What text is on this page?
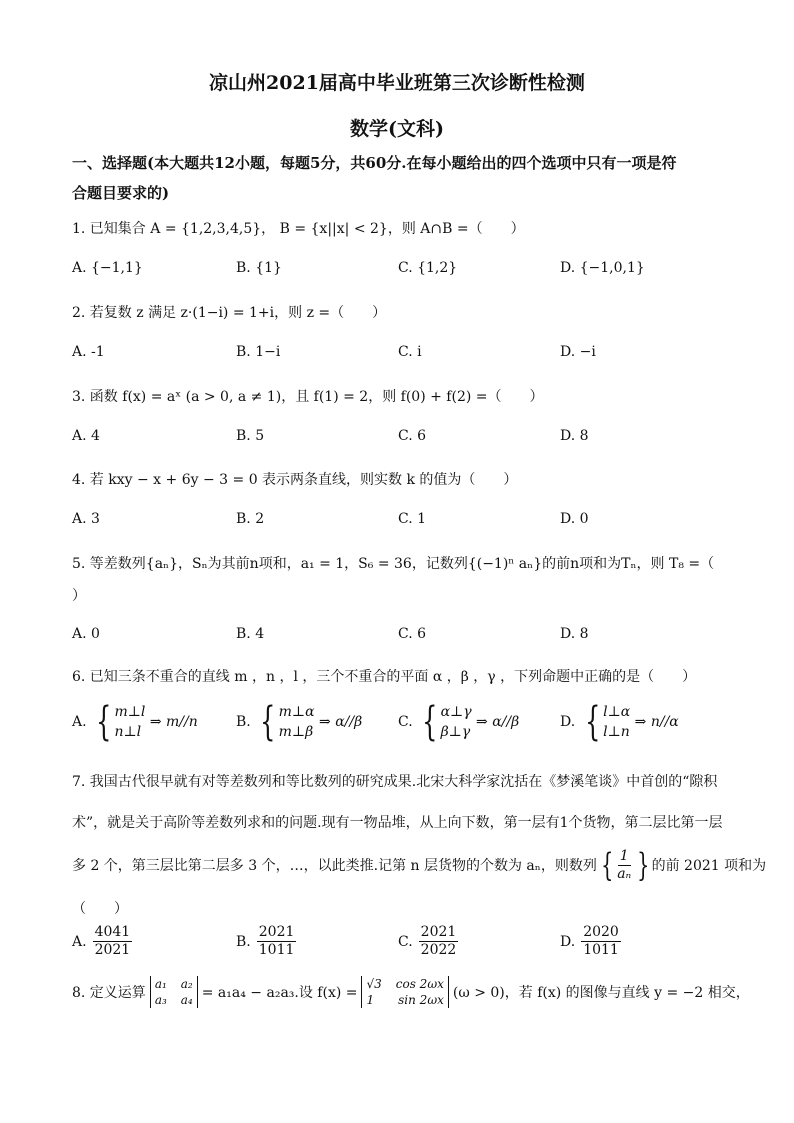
凉山州2021届高中毕业班第三次诊断性检测
数学(文科)
一、选择题(本大题共12小题，每题5分，共60分.在每小题给出的四个选项中只有一项是符
合题目要求的)
1. 已知集合 A = {1,2,3,4,5}， B = {x||x| < 2}，则 A∩B =（　　）
A. {−1,1}	B. {1}	C. {1,2}	D. {−1,0,1}
2. 若复数 z 满足 z·(1−i) = 1+i，则 z =（　　）
A. -1	B. 1−i	C. i	D. −i
3. 函数 f(x) = aˣ (a > 0, a ≠ 1)，且 f(1) = 2，则 f(0) + f(2) =（　　）
A. 4	B. 5	C. 6	D. 8
4. 若 kxy − x + 6y − 3 = 0 表示两条直线，则实数 k 的值为（　　）
A. 3	B. 2	C. 1	D. 0
5. 等差数列{aₙ}，Sₙ为其前n项和，a₁ = 1，S₆ = 36，记数列{(−1)ⁿ aₙ}的前n项和为Tₙ，则 T₈ =（
）
A. 0	B. 4	C. 6	D. 8
6. 已知三条不重合的直线 m ，n ，l ，三个不重合的平面 α ，β ，γ ，下列命题中正确的是（　　）
A. { m⊥l
n⊥l
⇒ m//n	B. { m⊥α
m⊥β
⇒ α//β	C. { α⊥γ
β⊥γ
⇒ α//β	D. { l⊥α
l⊥n
⇒ n//α
7. 我国古代很早就有对等差数列和等比数列的研究成果.北宋大科学家沈括在《梦溪笔谈》中首创的“隙积
术”，就是关于高阶等差数列求和的问题.现有一物品堆，从上向下数，第一层有1个货物，第二层比第一层
多 2 个，第三层比第二层多 3 个，…，以此类推.记第 n 层货物的个数为 aₙ，则数列 { $\frac{1}{\text{aₙ}}$ } 的前 2021 项和为
（　　）
A. $\frac{4041}{2021}$	B. $\frac{2021}{1011}$	C. $\frac{2021}{2022}$	D. $\frac{2020}{1011}$
8. 定义运算
a₁ a₂
a₃ a₄ = a₁a₄ − a₂a₃.设 f(x) =
√3 cos 2ωx
1 sin 2ωx (ω > 0)，若 f(x) 的图像与直线 y = −2 相交，
